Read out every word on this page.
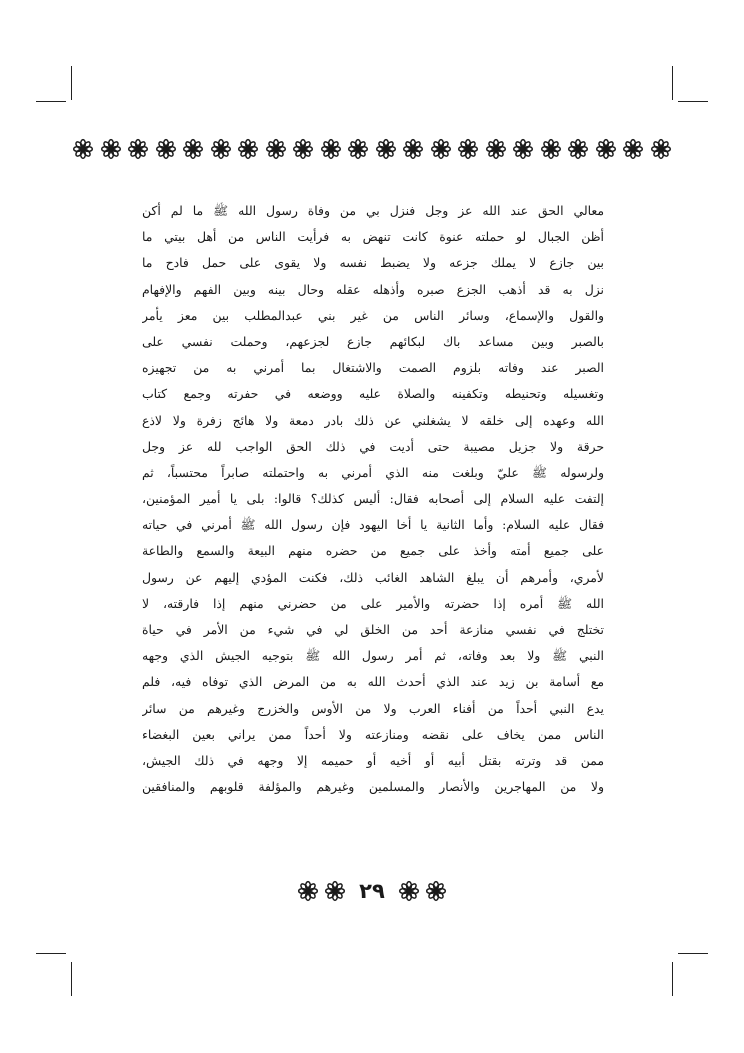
معالي الحق عند الله عز وجل فنزل بي من وفاة رسول الله ﷺ ما لم أكن
أظن الجبال لو حملته عنوة كانت تنهض به فرأيت الناس من أهل بيتي ما
بين جازع لا يملك جزعه ولا يضبط نفسه ولا يقوى على حمل فادح ما
نزل به قد أذهب الجزع صبره وأذهله عقله وحال بينه وبين الفهم والإفهام
والقول والإسماع، وسائر الناس من غير بني عبدالمطلب بين معز يأمر
بالصبر وبين مساعد باك لبكائهم جازع لجزعهم، وحملت نفسي على
الصبر عند وفاته بلزوم الصمت والاشتغال بما أمرني به من تجهيزه
وتغسيله وتحنيطه وتكفينه والصلاة عليه ووضعه في حفرته وجمع كتاب
الله وعهده إلى خلقه لا يشغلني عن ذلك بادر دمعة ولا هائج زفرة ولا لاذع
حرقة ولا جزيل مصيبة حتى أديت في ذلك الحق الواجب لله عز وجل
ولرسوله ﷺ عليّ وبلغت منه الذي أمرني به واحتملته صابراً محتسباً، ثم
إلتفت عليه السلام إلى أصحابه فقال: أليس كذلك؟ قالوا: بلى يا أمير المؤمنين،
فقال عليه السلام: وأما الثانية يا أخا اليهود فإن رسول الله ﷺ أمرني في حياته
على جميع أمته وأخذ على جميع من حضره منهم البيعة والسمع والطاعة
لأمري، وأمرهم أن يبلغ الشاهد الغائب ذلك، فكنت المؤدي إليهم عن رسول
الله ﷺ أمره إذا حضرته والأمير على من حضرني منهم إذا فارقته، لا
تختلج في نفسي منازعة أحد من الخلق لي في شيء من الأمر في حياة
النبي ﷺ ولا بعد وفاته، ثم أمر رسول الله ﷺ بتوجيه الجيش الذي وجهه
مع أسامة بن زيد عند الذي أحدث الله به من المرض الذي توفاه فيه، فلم
يدع النبي أحداً من أفناء العرب ولا من الأوس والخزرج وغيرهم من سائر
الناس ممن يخاف على نقضه ومنازعته ولا أحداً ممن يراني بعين البغضاء
ممن قد وترته بقتل أبيه أو أخيه أو حميمه إلا وجهه في ذلك الجيش،
ولا من المهاجرين والأنصار والمسلمين وغيرهم والمؤلفة قلوبهم والمنافقين
٢٩
